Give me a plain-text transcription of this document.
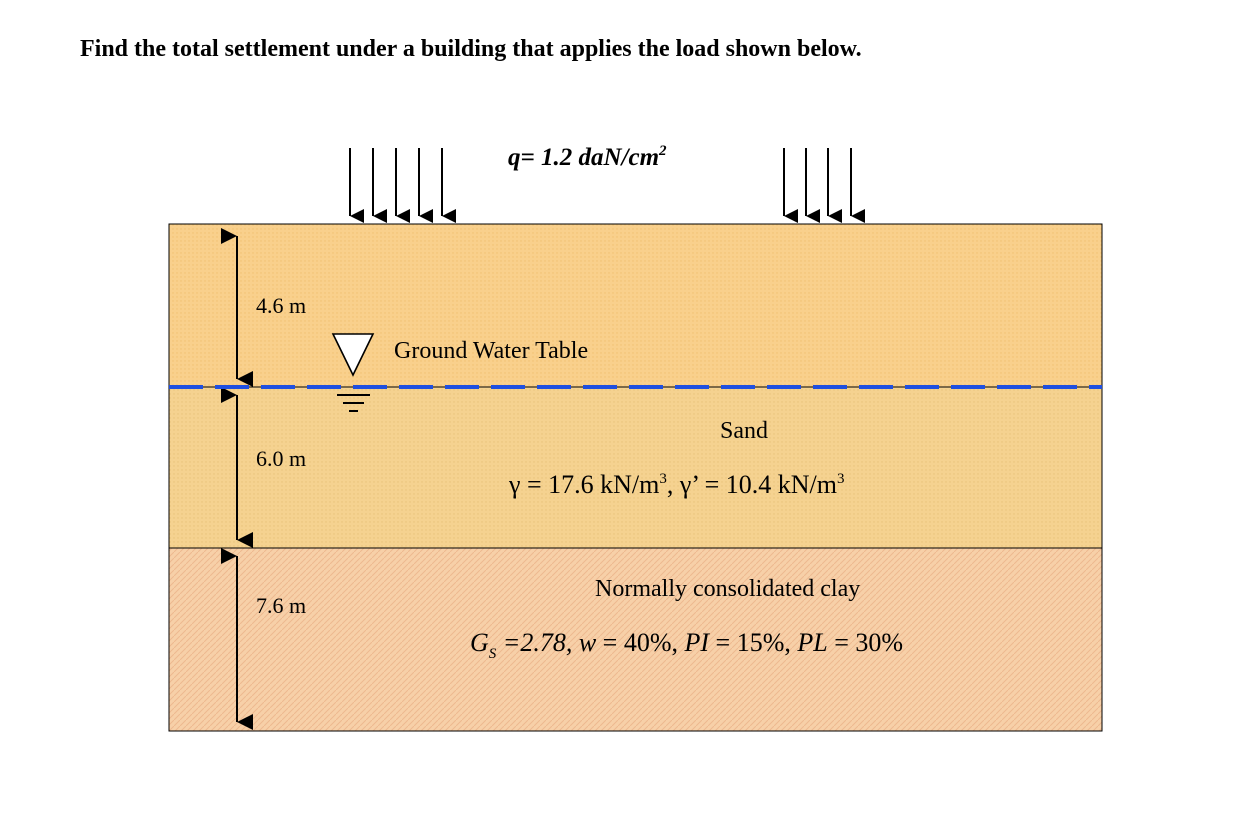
Find the total settlement under a building that applies the load shown below.
q= 1.2 daN/$cm^2$
4.6 m
6.0 m
7.6 m
Ground Water Table
Sand
γ = 17.6 $kN/m^3$, γ’ = 10.4 $kN/m^3$
Normally consolidated clay
$G_S =2.78$, w = 40%, PI = 15%, PL = 30%
